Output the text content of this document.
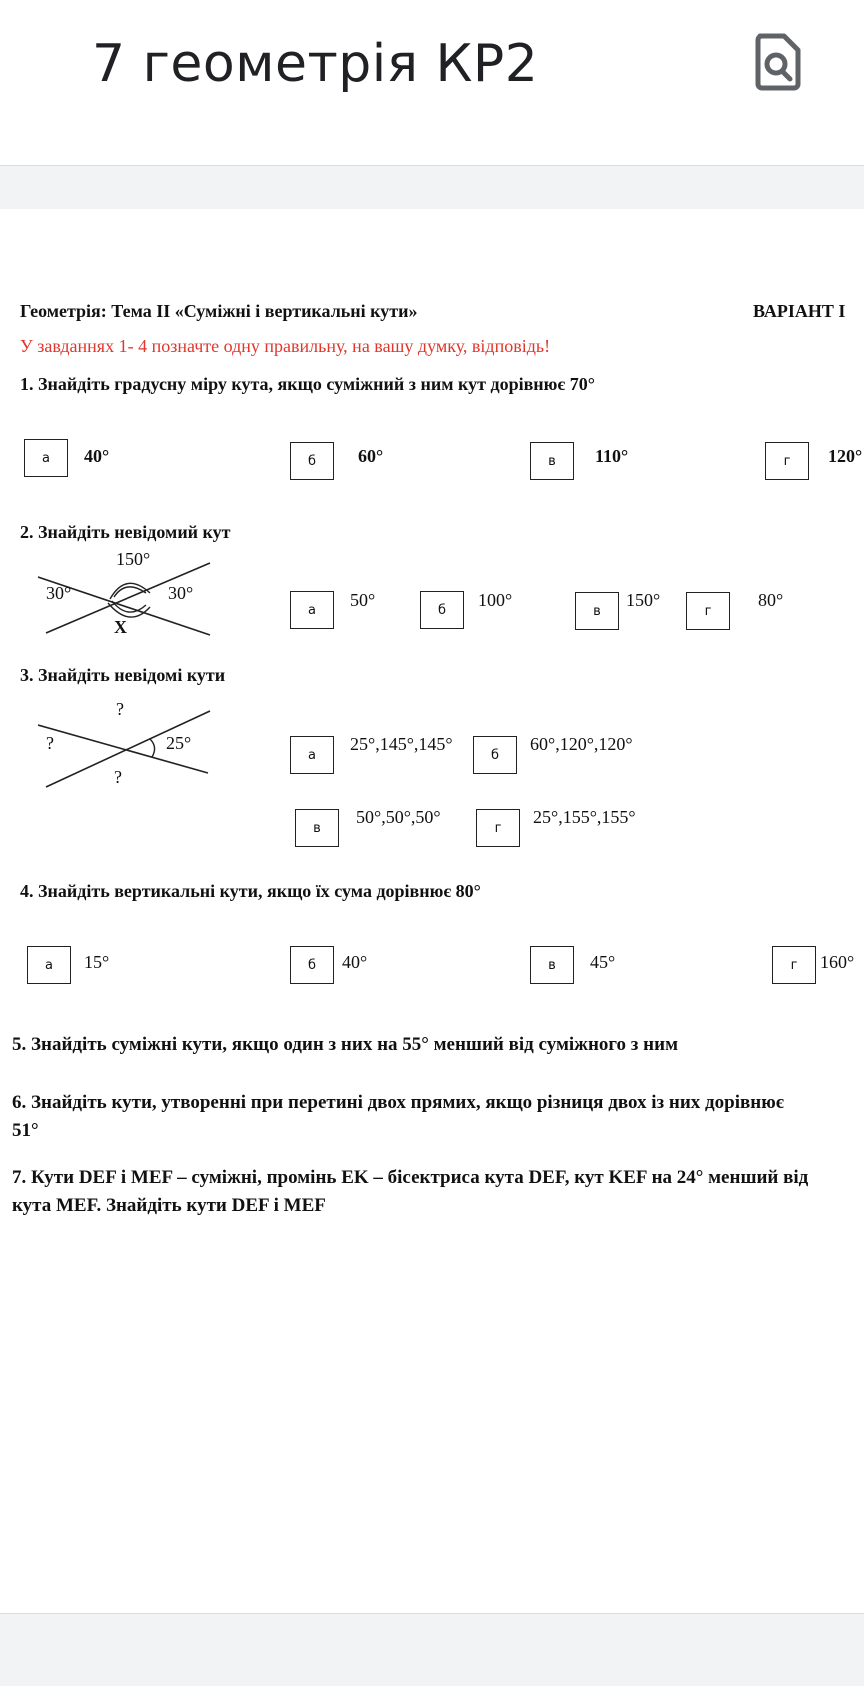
7 геометрія КР2
Геометрія: Тема ІІ «Суміжні і вертикальні кути»	ВАРІАНТ І
У завданнях 1- 4 позначте одну правильну, на вашу думку, відповідь!
1. Знайдіть градусну міру кута, якщо суміжний з ним кут дорівнює 70°
а	40°	б	60°	в	110°	г	120°
2. Знайдіть невідомий кут
150°
30°	30°
X
а	50°	б	100°
в
150°
г
80°
3. Знайдіть невідомі кути
?
?	25°
?
а
25°,145°,145°
б
60°,120°,120°
в
50°,50°,50°
г
25°,155°,155°
4. Знайдіть вертикальні кути, якщо їх сума дорівнює 80°
а	15°	б	40°	в	45°	г	160°
5. Знайдіть суміжні кути, якщо один з них на 55° менший від суміжного з ним
6. Знайдіть кути, утворенні при перетині двох прямих, якщо різниця двох із них дорівнює 51°
7. Кути DEF і MEF – суміжні, промінь EK – бісектриса кута DEF, кут KEF на 24° менший від кута MEF. Знайдіть кути DEF і MEF
